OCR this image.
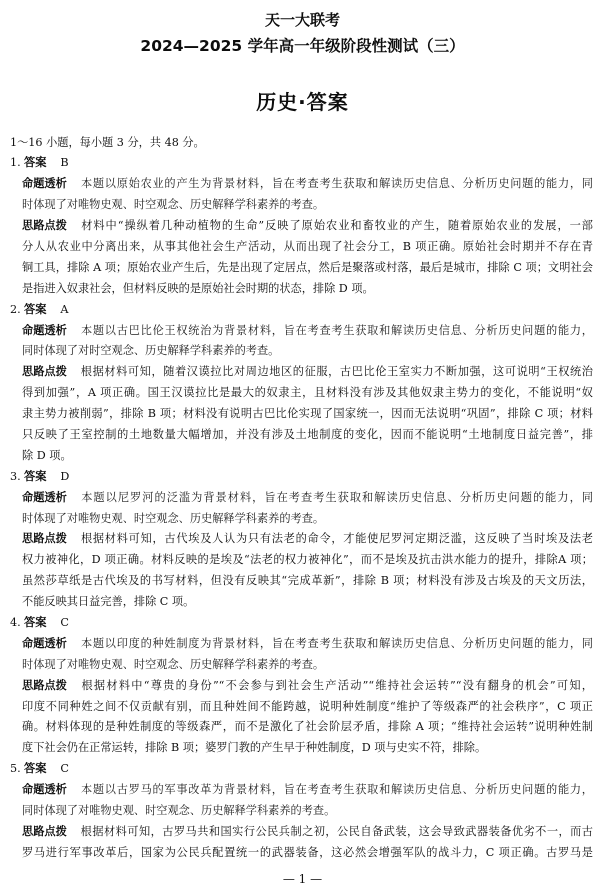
天一大联考
2024—2025 学年高一年级阶段性测试（三）
历史·答案
1～16 小题，每小题 3 分，共 48 分。
1. 答案 B
命题透析 本题以原始农业的产生为背景材料，旨在考查考生获取和解读历史信息、分析历史问题的能力，同
时体现了对唯物史观、时空观念、历史解释学科素养的考查。
思路点拨 材料中“操纵着几种动植物的生命”反映了原始农业和畜牧业的产生，随着原始农业的发展，一部
分人从农业中分离出来，从事其他社会生产活动，从而出现了社会分工，B 项正确。原始社会时期并不存在青
铜工具，排除 A 项；原始农业产生后，先是出现了定居点，然后是聚落或村落，最后是城市，排除 C 项；文明社会
是指进入奴隶社会，但材料反映的是原始社会时期的状态，排除 D 项。
2. 答案 A
命题透析 本题以古巴比伦王权统治为背景材料，旨在考查考生获取和解读历史信息、分析历史问题的能力，
同时体现了对时空观念、历史解释学科素养的考查。
思路点拨 根据材料可知，随着汉谟拉比对周边地区的征服，古巴比伦王室实力不断加强，这可说明“王权统治
得到加强”，A 项正确。国王汉谟拉比是最大的奴隶主，且材料没有涉及其他奴隶主势力的变化，不能说明“奴
隶主势力被削弱”，排除 B 项；材料没有说明古巴比伦实现了国家统一，因而无法说明“巩固”，排除 C 项；材料
只反映了王室控制的土地数量大幅增加，并没有涉及土地制度的变化，因而不能说明“土地制度日益完善”，排
除 D 项。
3. 答案 D
命题透析 本题以尼罗河的泛滥为背景材料，旨在考查考生获取和解读历史信息、分析历史问题的能力，同
时体现了对唯物史观、时空观念、历史解释学科素养的考查。
思路点拨 根据材料可知，古代埃及人认为只有法老的命令，才能使尼罗河定期泛滥，这反映了当时埃及法老
权力被神化，D 项正确。材料反映的是埃及“法老的权力被神化”，而不是埃及抗击洪水能力的提升，排除A 项；
虽然莎草纸是古代埃及的书写材料，但没有反映其“完成革新”，排除 B 项；材料没有涉及古埃及的天文历法，
不能反映其日益完善，排除 C 项。
4. 答案 C
命题透析 本题以印度的种姓制度为背景材料，旨在考查考生获取和解读历史信息、分析历史问题的能力，同
时体现了对唯物史观、时空观念、历史解释学科素养的考查。
思路点拨 根据材料中“尊贵的身份”“不会参与到社会生产活动”“维持社会运转”“没有翻身的机会”可知，
印度不同种姓之间不仅贡献有别，而且种姓间不能跨越，说明种姓制度“维护了等级森严的社会秩序”，C 项正
确。材料体现的是种姓制度的等级森严，而不是激化了社会阶层矛盾，排除 A 项；“维持社会运转”说明种姓制
度下社会仍在正常运转，排除 B 项；婆罗门教的产生早于种姓制度，D 项与史实不符，排除。
5. 答案 C
命题透析 本题以古罗马的军事改革为背景材料，旨在考查考生获取和解读历史信息、分析历史问题的能力，
同时体现了对唯物史观、时空观念、历史解释学科素养的考查。
思路点拨 根据材料可知，古罗马共和国实行公民兵制之初，公民自备武装，这会导致武器装备优劣不一，而古
罗马进行军事改革后，国家为公民兵配置统一的武器装备，这必然会增强军队的战斗力，C 项正确。古罗马是
— 1 —
